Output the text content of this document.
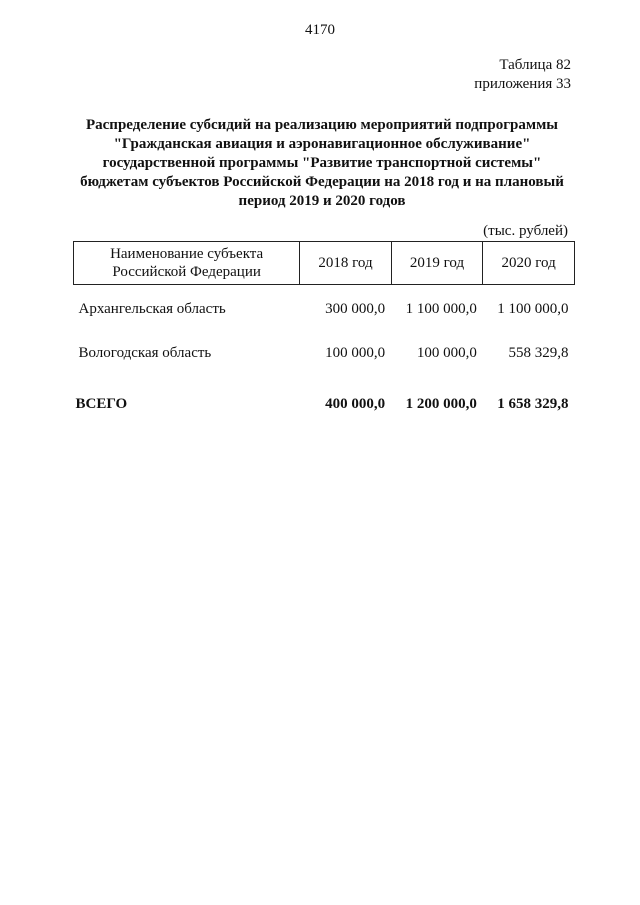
4170
Таблица 82
приложения 33
Распределение субсидий на реализацию мероприятий подпрограммы
"Гражданская авиация и аэронавигационное обслуживание"
государственной программы "Развитие транспортной системы"
бюджетам субъектов Российской Федерации на 2018 год и на плановый
период 2019 и 2020 годов
(тыс. рублей)
Наименование субъекта
Российской Федерации	2018 год	2019 год	2020 год
Архангельская область	300 000,0	1 100 000,0	1 100 000,0
Вологодская область	100 000,0	100 000,0	558 329,8
ВСЕГО	400 000,0	1 200 000,0	1 658 329,8
